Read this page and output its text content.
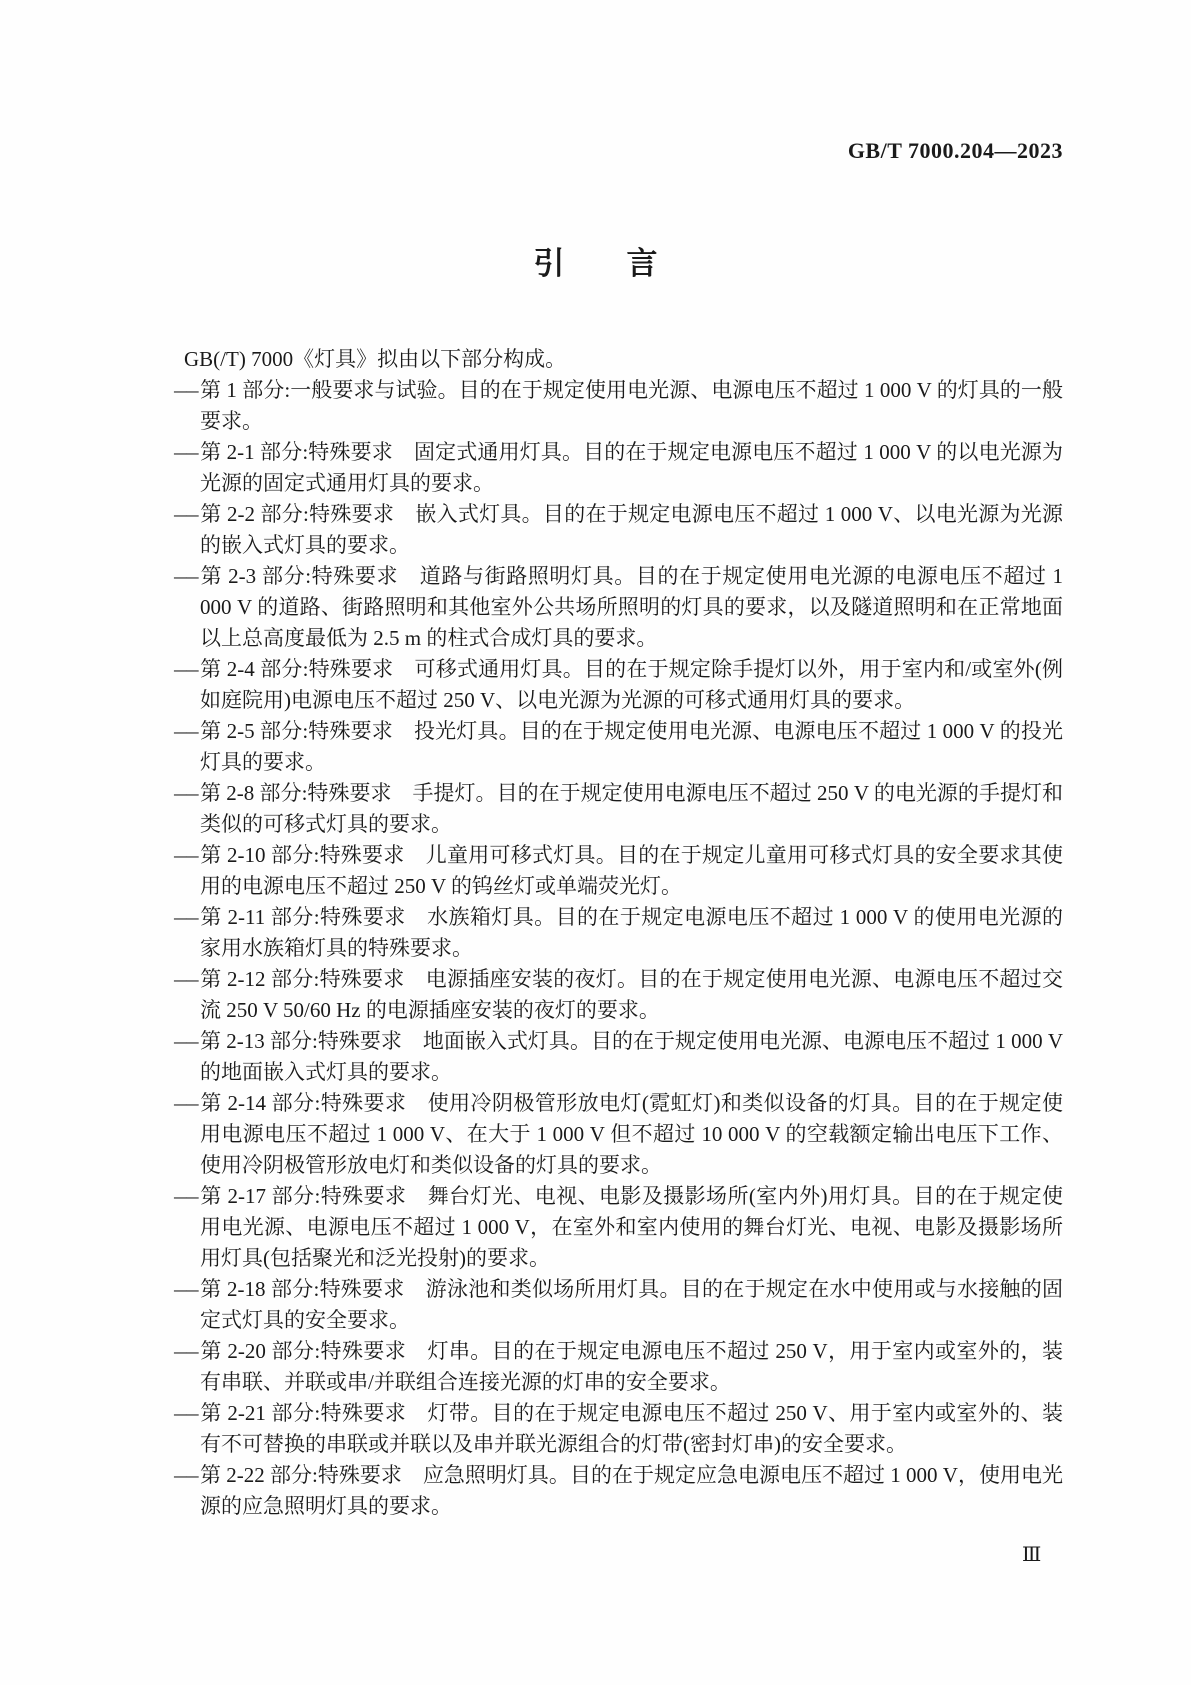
GB/T 7000.204—2023
引　　言

GB(/T) 7000《灯具》拟由以下部分构成。

——第 1 部分:一般要求与试验。目的在于规定使用电光源、电源电压不超过 1 000 V 的灯具的一般要求。

——第 2-1 部分:特殊要求　固定式通用灯具。目的在于规定电源电压不超过 1 000 V 的以电光源为光源的固定式通用灯具的要求。

——第 2-2 部分:特殊要求　嵌入式灯具。目的在于规定电源电压不超过 1 000 V、以电光源为光源的嵌入式灯具的要求。

——第 2-3 部分:特殊要求　道路与街路照明灯具。目的在于规定使用电光源的电源电压不超过 1 000 V 的道路、街路照明和其他室外公共场所照明的灯具的要求，以及隧道照明和在正常地面以上总高度最低为 2.5 m 的柱式合成灯具的要求。

——第 2-4 部分:特殊要求　可移式通用灯具。目的在于规定除手提灯以外，用于室内和/或室外(例如庭院用)电源电压不超过 250 V、以电光源为光源的可移式通用灯具的要求。

——第 2-5 部分:特殊要求　投光灯具。目的在于规定使用电光源、电源电压不超过 1 000 V 的投光灯具的要求。

——第 2-8 部分:特殊要求　手提灯。目的在于规定使用电源电压不超过 250 V 的电光源的手提灯和类似的可移式灯具的要求。

——第 2-10 部分:特殊要求　儿童用可移式灯具。目的在于规定儿童用可移式灯具的安全要求其使用的电源电压不超过 250 V 的钨丝灯或单端荧光灯。

——第 2-11 部分:特殊要求　水族箱灯具。目的在于规定电源电压不超过 1 000 V 的使用电光源的家用水族箱灯具的特殊要求。

——第 2-12 部分:特殊要求　电源插座安装的夜灯。目的在于规定使用电光源、电源电压不超过交流 250 V 50/60 Hz 的电源插座安装的夜灯的要求。

——第 2-13 部分:特殊要求　地面嵌入式灯具。目的在于规定使用电光源、电源电压不超过 1 000 V的地面嵌入式灯具的要求。

——第 2-14 部分:特殊要求　使用冷阴极管形放电灯(霓虹灯)和类似设备的灯具。目的在于规定使用电源电压不超过 1 000 V、在大于 1 000 V 但不超过 10 000 V 的空载额定输出电压下工作、使用冷阴极管形放电灯和类似设备的灯具的要求。

——第 2-17 部分:特殊要求　舞台灯光、电视、电影及摄影场所(室内外)用灯具。目的在于规定使用电光源、电源电压不超过 1 000 V，在室外和室内使用的舞台灯光、电视、电影及摄影场所用灯具(包括聚光和泛光投射)的要求。

——第 2-18 部分:特殊要求　游泳池和类似场所用灯具。目的在于规定在水中使用或与水接触的固定式灯具的安全要求。

——第 2-20 部分:特殊要求　灯串。目的在于规定电源电压不超过 250 V，用于室内或室外的，装有串联、并联或串/并联组合连接光源的灯串的安全要求。

——第 2-21 部分:特殊要求　灯带。目的在于规定电源电压不超过 250 V、用于室内或室外的、装有不可替换的串联或并联以及串并联光源组合的灯带(密封灯串)的安全要求。

——第 2-22 部分:特殊要求　应急照明灯具。目的在于规定应急电源电压不超过 1 000 V，使用电光源的应急照明灯具的要求。

Ⅲ
